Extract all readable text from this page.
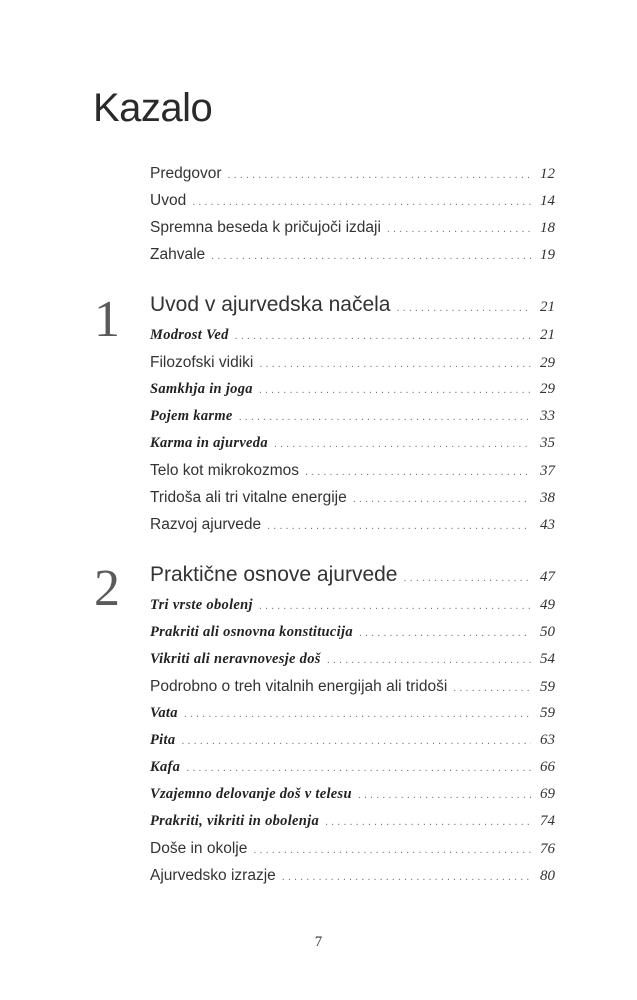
Kazalo
Predgovor . . .	12
Uvod . . .	14
Spremna beseda k pričujoči izdaji . . .	18
Zahvale . . .	19
1 Uvod v ajurvedska načela . . .	21
Modrost Ved . . .	21
Filozofski vidiki . . .	29
Samkhja in joga . . .	29
Pojem karme . . .	33
Karma in ajurveda . . .	35
Telo kot mikrokozmos . . .	37
Tridoša ali tri vitalne energije . . .	38
Razvoj ajurvede . . .	43
2 Praktične osnove ajurvede . . .	47
Tri vrste obolenj . . .	49
Prakriti ali osnovna konstitucija . . .	50
Vikriti ali neravnovesje doš . . .	54
Podrobno o treh vitalnih energijah ali tridoši . . .	59
Vata . . .	59
Pita . . .	63
Kafa . . .	66
Vzajemno delovanje doš v telesu . . .	69
Prakriti, vikriti in obolenja . . .	74
Doše in okolje . . .	76
Ajurvedsko izrazje . . .	80
7
